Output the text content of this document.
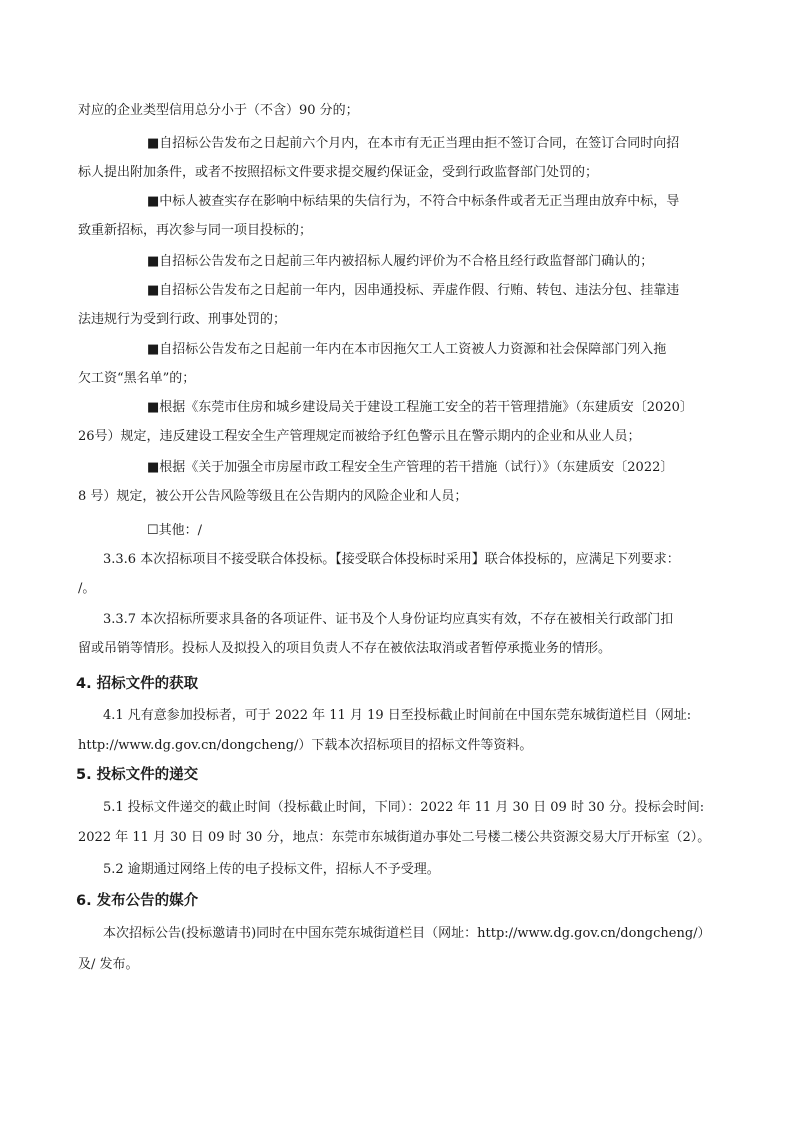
对应的企业类型信用总分小于（不含）90 分的；
■自招标公告发布之日起前六个月内，在本市有无正当理由拒不签订合同，在签订合同时向招
标人提出附加条件，或者不按照招标文件要求提交履约保证金，受到行政监督部门处罚的；
■中标人被查实存在影响中标结果的失信行为，不符合中标条件或者无正当理由放弃中标，导
致重新招标，再次参与同一项目投标的；
■自招标公告发布之日起前三年内被招标人履约评价为不合格且经行政监督部门确认的；
■自招标公告发布之日起前一年内，因串通投标、弄虚作假、行贿、转包、违法分包、挂靠违
法违规行为受到行政、刑事处罚的；
■自招标公告发布之日起前一年内在本市因拖欠工人工资被人力资源和社会保障部门列入拖
欠工资“黑名单”的；
■根据《东莞市住房和城乡建设局关于建设工程施工安全的若干管理措施》（东建质安〔2020〕
26号）规定，违反建设工程安全生产管理规定而被给予红色警示且在警示期内的企业和从业人员；
■根据《关于加强全市房屋市政工程安全生产管理的若干措施（试行）》（东建质安〔2022〕
8 号）规定，被公开公告风险等级且在公告期内的风险企业和人员；
☐其他：/
3.3.6 本次招标项目不接受联合体投标。【接受联合体投标时采用】联合体投标的，应满足下列要求：
/。
3.3.7 本次招标所要求具备的各项证件、证书及个人身份证均应真实有效，不存在被相关行政部门扣
留或吊销等情形。投标人及拟投入的项目负责人不存在被依法取消或者暂停承揽业务的情形。
4. 招标文件的获取
4.1 凡有意参加投标者，可于 2022 年 11 月 19 日至投标截止时间前在中国东莞东城街道栏目（网址:
http://www.dg.gov.cn/dongcheng/）下载本次招标项目的招标文件等资料。
5. 投标文件的递交
5.1 投标文件递交的截止时间（投标截止时间，下同）：2022 年 11 月 30 日 09 时 30 分。投标会时间:
2022 年 11 月 30 日 09 时 30 分，地点：东莞市东城街道办事处二号楼二楼公共资源交易大厅开标室（2）。
5.2 逾期通过网络上传的电子投标文件，招标人不予受理。
6. 发布公告的媒介
本次招标公告(投标邀请书)同时在中国东莞东城街道栏目（网址：http://www.dg.gov.cn/dongcheng/）
及/ 发布。
